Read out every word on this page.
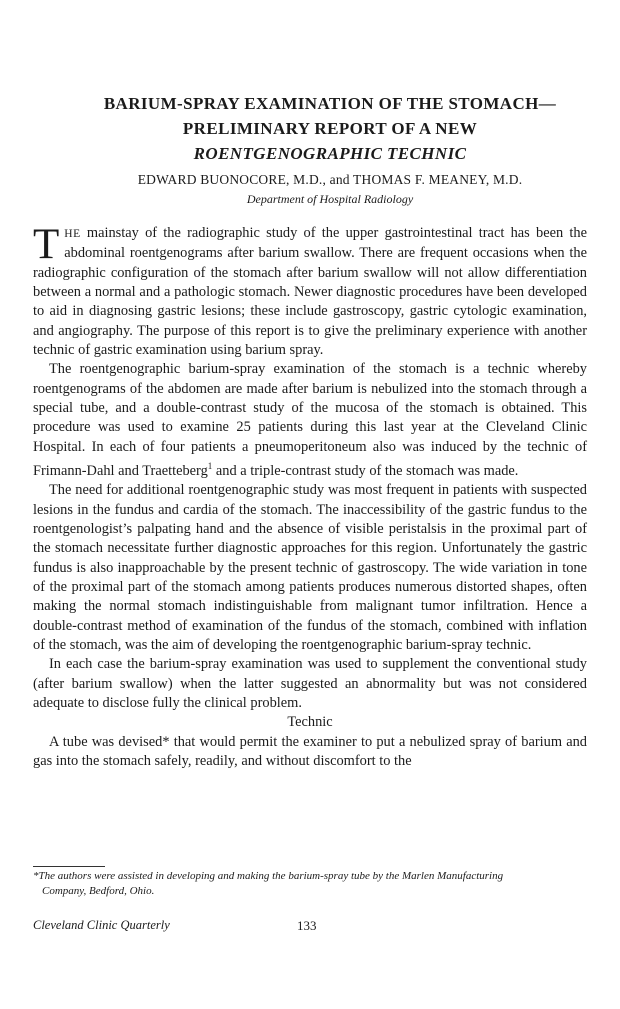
BARIUM-SPRAY EXAMINATION OF THE STOMACH—
PRELIMINARY REPORT OF A NEW
ROENTGENOGRAPHIC TECHNIC
EDWARD BUONOCORE, M.D., and THOMAS F. MEANEY, M.D.
Department of Hospital Radiology

THE mainstay of the radiographic study of the upper gastrointestinal tract has been the abdominal roentgenograms after barium swallow. There are frequent occasions when the radiographic configuration of the stomach after barium swallow will not allow differentiation between a normal and a pathologic stomach. Newer diagnostic procedures have been developed to aid in diagnosing gastric lesions; these include gastroscopy, gastric cytologic examination, and angiography. The purpose of this report is to give the preliminary experience with another technic of gastric examination using barium spray.

The roentgenographic barium-spray examination of the stomach is a technic whereby roentgenograms of the abdomen are made after barium is nebulized into the stomach through a special tube, and a double-contrast study of the mucosa of the stomach is obtained. This procedure was used to examine 25 patients during this last year at the Cleveland Clinic Hospital. In each of four patients a pneumoperitoneum also was induced by the technic of Frimann-Dahl and Traetteberg$^1$ and a triple-contrast study of the stomach was made.

The need for additional roentgenographic study was most frequent in patients with suspected lesions in the fundus and cardia of the stomach. The inaccessibility of the gastric fundus to the roentgenologist’s palpating hand and the absence of visible peristalsis in the proximal part of the stomach necessitate further diagnostic approaches for this region. Unfortunately the gastric fundus is also inapproachable by the present technic of gastroscopy. The wide variation in tone of the proximal part of the stomach among patients produces numerous distorted shapes, often making the normal stomach indistinguishable from malignant tumor infiltration. Hence a double-contrast method of examination of the fundus of the stomach, combined with inflation of the stomach, was the aim of developing the roentgenographic barium-spray technic.

In each case the barium-spray examination was used to supplement the conventional study (after barium swallow) when the latter suggested an abnormality but was not considered adequate to disclose fully the clinical problem.

Technic

A tube was devised* that would permit the examiner to put a nebulized spray of barium and gas into the stomach safely, readily, and without discomfort to the

*The authors were assisted in developing and making the barium-spray tube by the Marlen Manufacturing
Company, Bedford, Ohio.
Cleveland Clinic Quarterly	133
